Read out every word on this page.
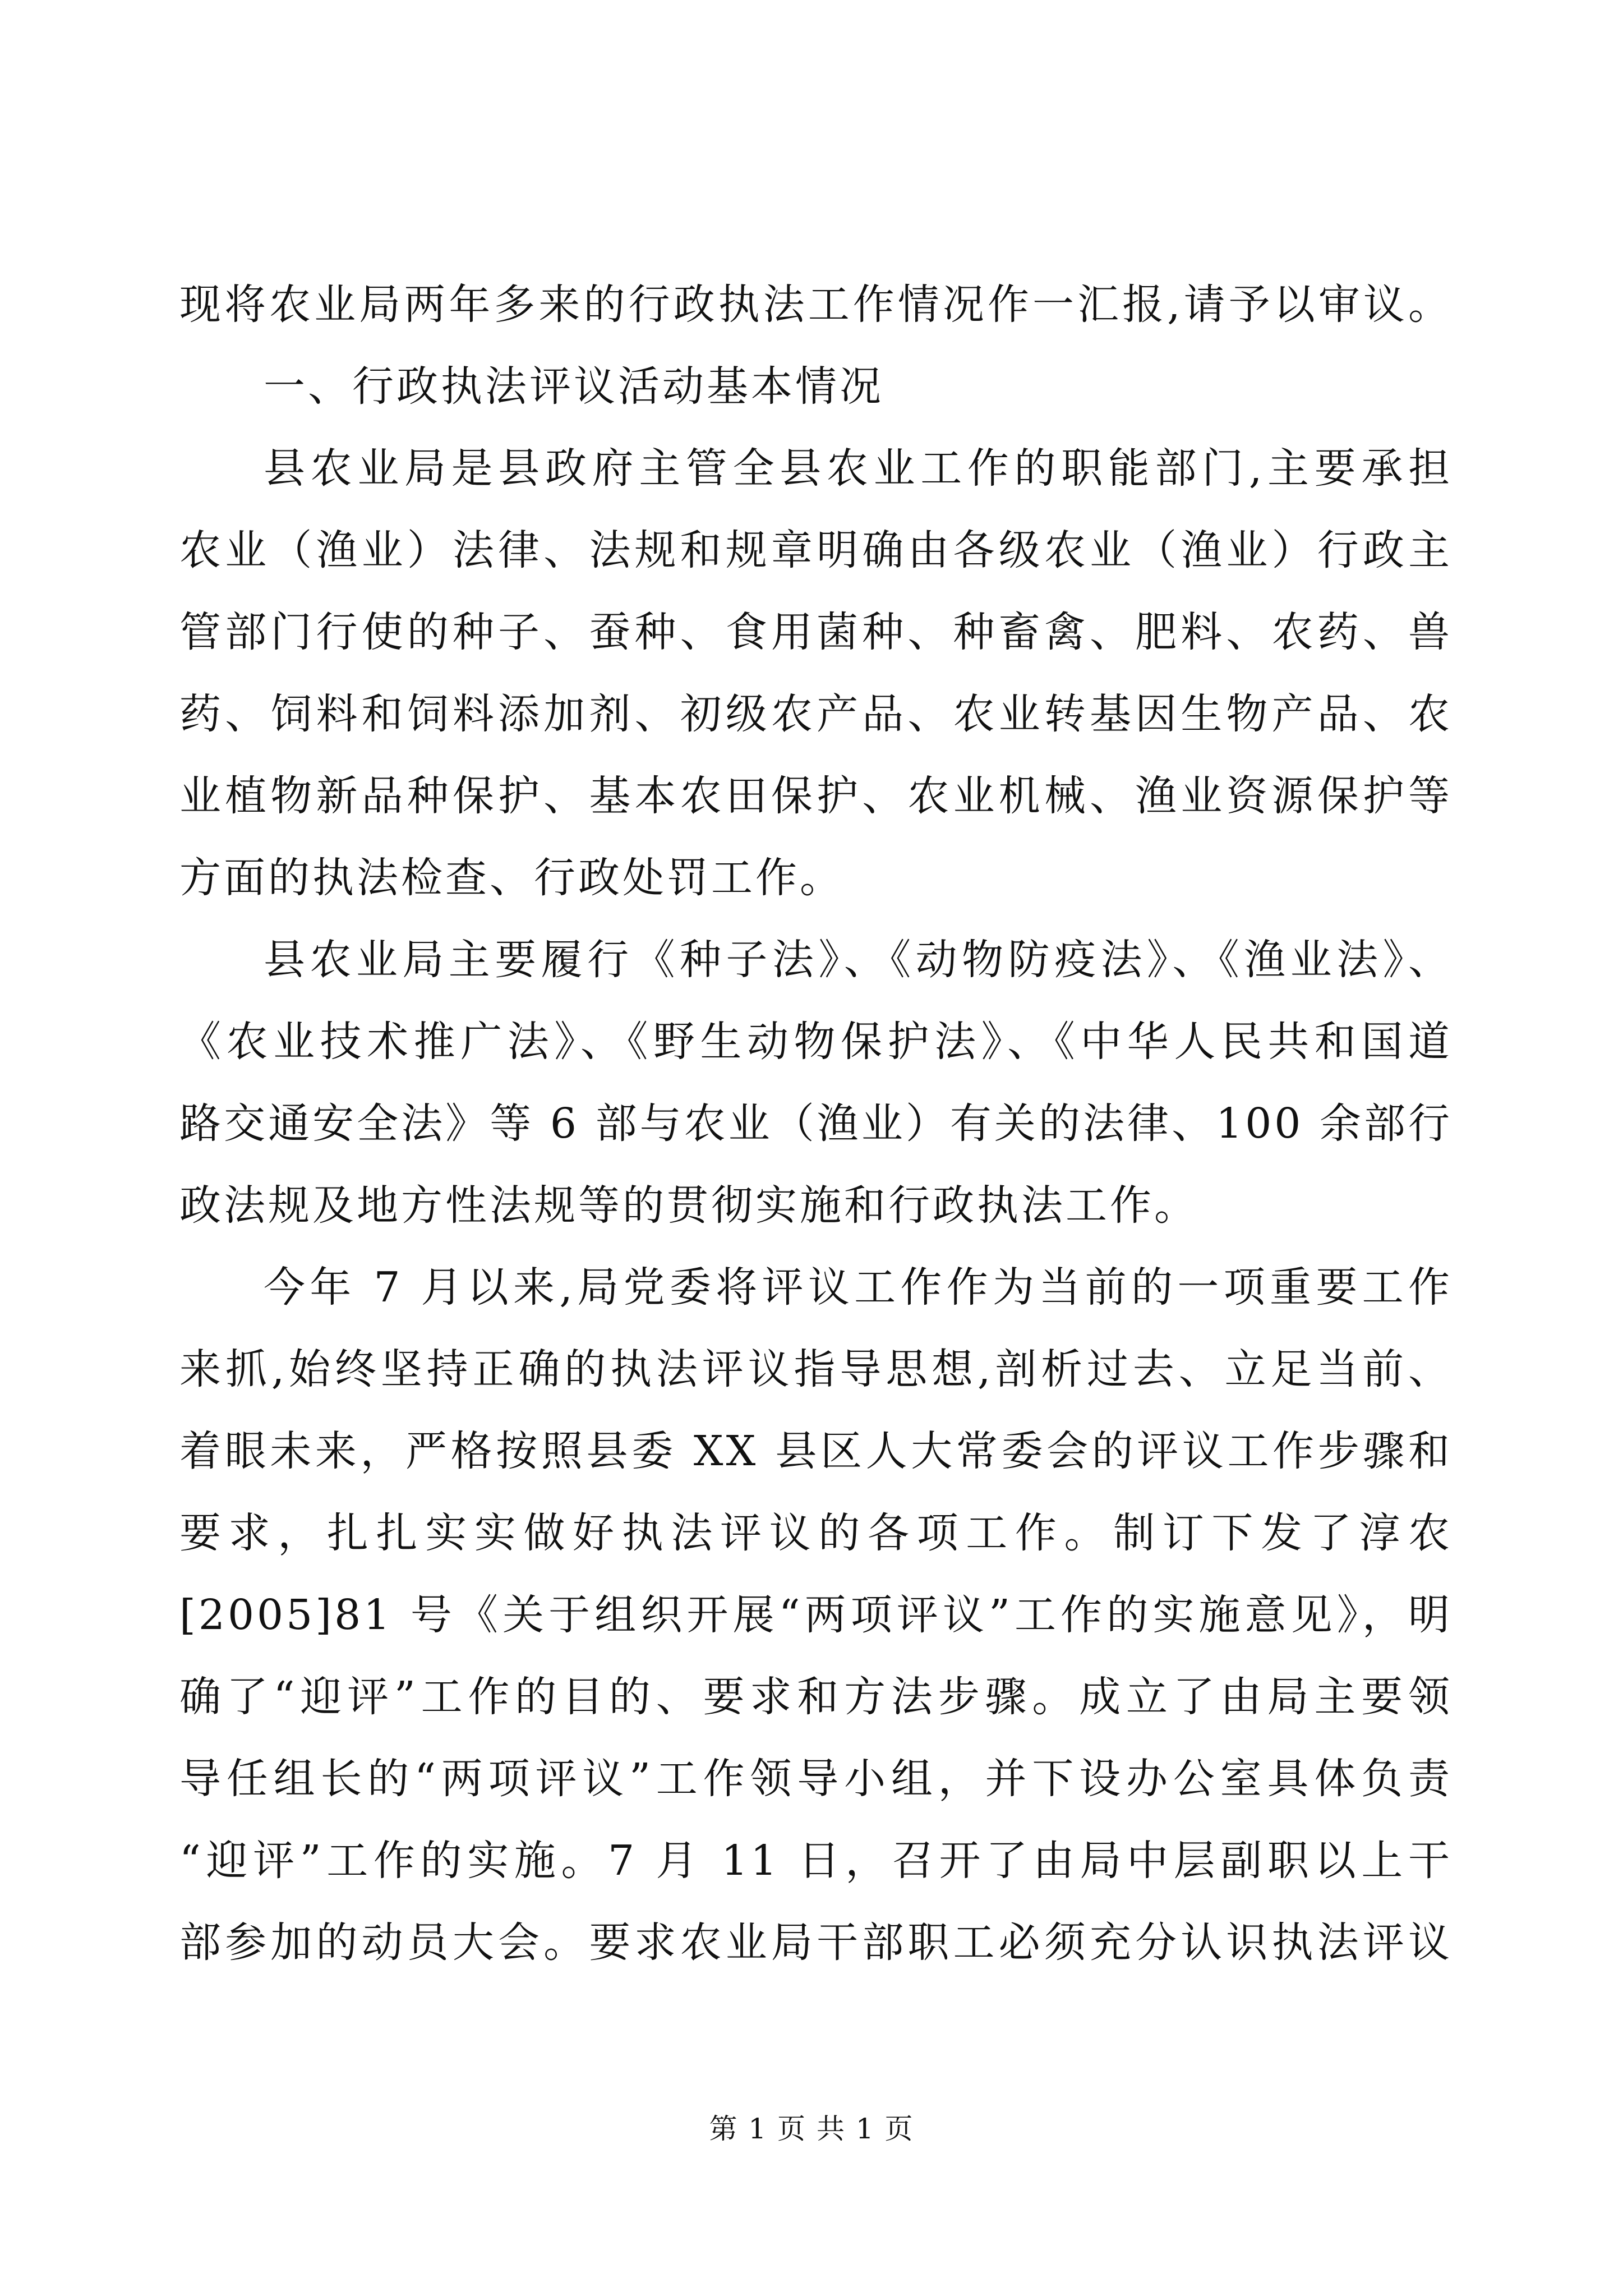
现将农业局两年多来的行政执法工作情况作一汇报,请予以审议。
一、行政执法评议活动基本情况
县农业局是县政府主管全县农业工作的职能部门,主要承担
农业（渔业）法律、法规和规章明确由各级农业（渔业）行政主
管部门行使的种子、蚕种、食用菌种、种畜禽、肥料、农药、兽
药、饲料和饲料添加剂、初级农产品、农业转基因生物产品、农
业植物新品种保护、基本农田保护、农业机械、渔业资源保护等
方面的执法检查、行政处罚工作。
县农业局主要履行《种子法》、《动物防疫法》、《渔业法》、
《农业技术推广法》、《野生动物保护法》、《中华人民共和国道
路交通安全法》等 6 部与农业（渔业）有关的法律、100 余部行
政法规及地方性法规等的贯彻实施和行政执法工作。
今年 7 月以来,局党委将评议工作作为当前的一项重要工作
来抓,始终坚持正确的执法评议指导思想,剖析过去、立足当前、
着眼未来，严格按照县委 XX 县区人大常委会的评议工作步骤和
要求，扎扎实实做好执法评议的各项工作。制订下发了淳农
[2005]81 号《关于组织开展“两项评议”工作的实施意见》，明
确了“迎评”工作的目的、要求和方法步骤。成立了由局主要领
导任组长的“两项评议”工作领导小组，并下设办公室具体负责
“迎评”工作的实施。7 月 11 日，召开了由局中层副职以上干
部参加的动员大会。要求农业局干部职工必须充分认识执法评议
第 1 页 共 1 页
